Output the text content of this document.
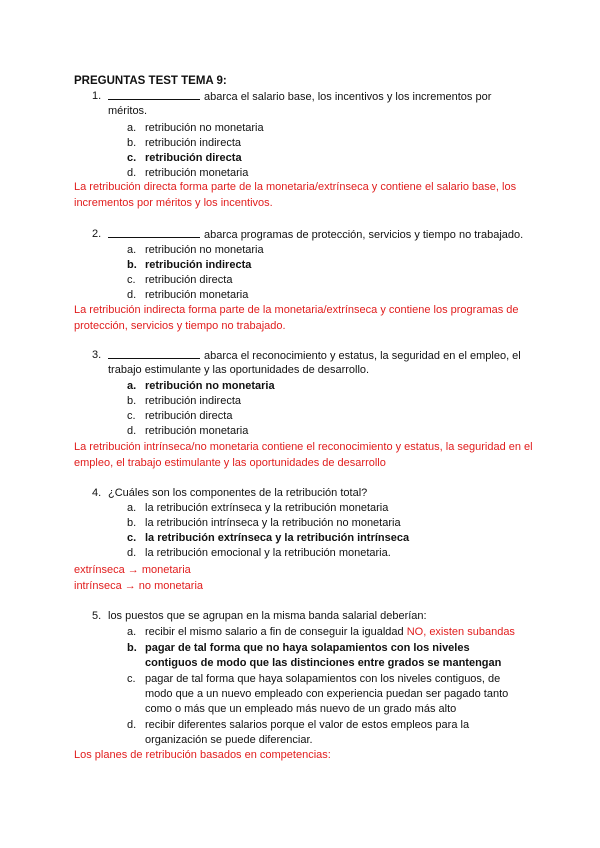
PREGUNTAS TEST TEMA 9:
1.	abarca el salario base, los incentivos y los incrementos por
méritos.
a. retribución no monetaria
b. retribución indirecta
c. retribución directa
d. retribución monetaria
La retribución directa forma parte de la monetaria/extrínseca y contiene el salario base, los incrementos por méritos y los incentivos.
2.	abarca programas de protección, servicios y tiempo no trabajado.
a. retribución no monetaria
b. retribución indirecta
c. retribución directa
d. retribución monetaria
La retribución indirecta forma parte de la monetaria/extrínseca y contiene los programas de protección, servicios y tiempo no trabajado.
3.	abarca el reconocimiento y estatus, la seguridad en el empleo, el
trabajo estimulante y las oportunidades de desarrollo.
a. retribución no monetaria
b. retribución indirecta
c. retribución directa
d. retribución monetaria
La retribución intrínseca/no monetaria contiene el reconocimiento y estatus, la seguridad en el empleo, el trabajo estimulante y las oportunidades de desarrollo
4. ¿Cuáles son los componentes de la retribución total?
a. la retribución extrínseca y la retribución monetaria
b. la retribución intrínseca y la retribución no monetaria
c. la retribución extrínseca y la retribución intrínseca
d. la retribución emocional y la retribución monetaria.
extrínseca → monetaria
intrínseca → no monetaria
5. los puestos que se agrupan en la misma banda salarial deberían:
a. recibir el mismo salario a fin de conseguir la igualdad NO, existen subandas
b. pagar de tal forma que no haya solapamientos con los niveles contiguos de modo que las distinciones entre grados se mantengan
c. pagar de tal forma que haya solapamientos con los niveles contiguos, de modo que a un nuevo empleado con experiencia puedan ser pagado tanto como o más que un empleado más nuevo de un grado más alto
d. recibir diferentes salarios porque el valor de estos empleos para la organización se puede diferenciar.
Los planes de retribución basados en competencias:
